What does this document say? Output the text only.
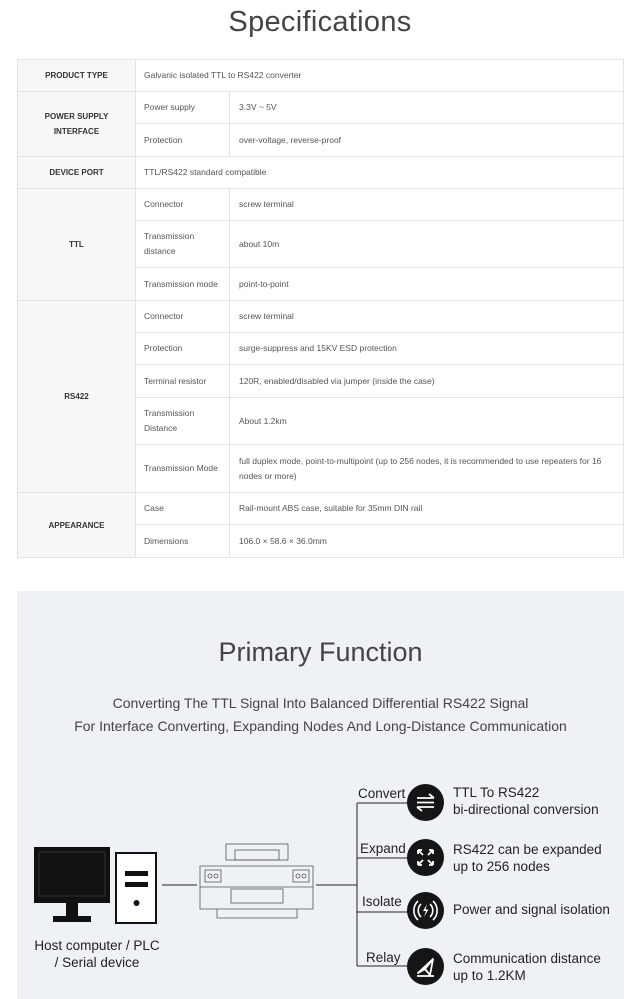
Specifications
PRODUCT TYPE	Galvanic isolated TTL to RS422 converter	
POWER SUPPLY INTERFACE	Power supply	3.3V ~ 5V
	Protection	over-voltage, reverse-proof
DEVICE PORT	TTL/RS422 standard compatible	
TTL	Connector	screw terminal
	Transmission distance	about 10m
	Transmission mode	point-to-point
RS422	Connector	screw terminal
	Protection	surge-suppress and 15KV ESD protection
	Terminal resistor	120R, enabled/disabled via jumper (inside the case)
	Transmission Distance	About 1.2km
	Transmission Mode	full duplex mode, point-to-multipoint (up to 256 nodes, it is recommended to use repeaters for 16 nodes or more)
APPEARANCE	Case	Rail-mount ABS case, suitable for 35mm DIN rail
	Dimensions	106.0 × 58.6 × 36.0mm
Primary Function
Converting The TTL Signal Into Balanced Differential RS422 Signal
For Interface Converting, Expanding Nodes And Long-Distance Communication
Host computer / PLC
/ Serial device
Convert	TTL To RS422
bi-directional conversion
Expand	RS422 can be expanded
up to 256 nodes
Isolate
Power and signal isolation
Relay	Communication distance
up to 1.2KM
